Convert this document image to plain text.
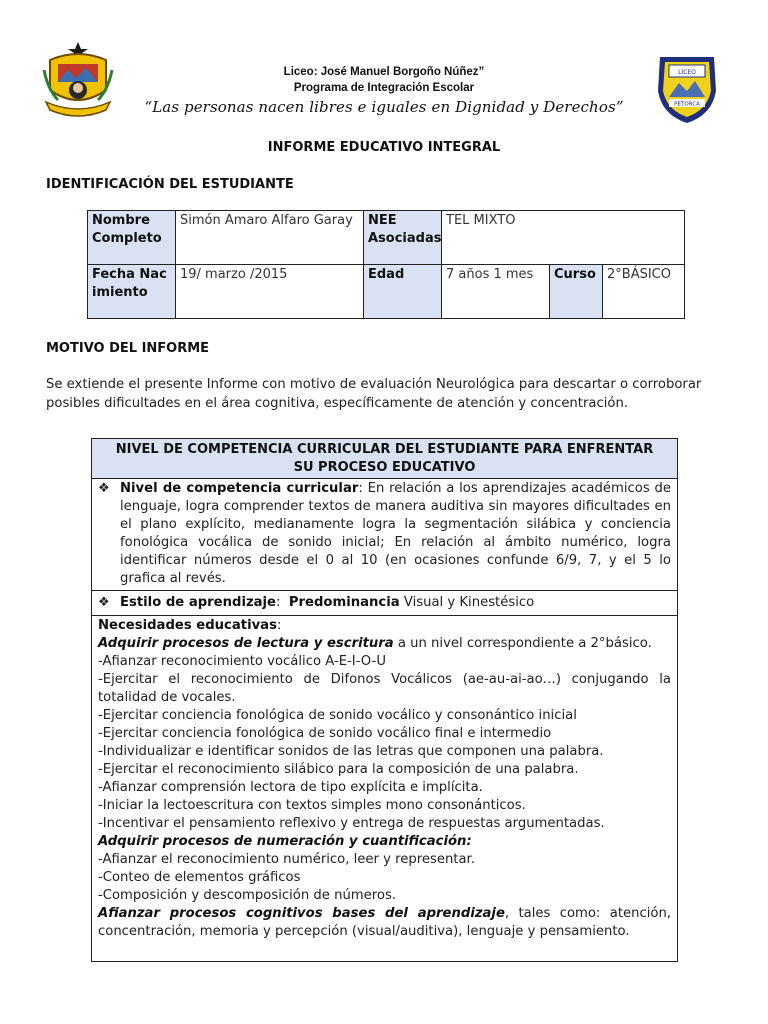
Liceo: José Manuel Borgoño Núñez”
Programa de Integración Escolar
“Las personas nacen libres e iguales en Dignidad y Derechos”
LICEO
PETORCA
INFORME EDUCATIVO INTEGRAL
IDENTIFICACIÓN DEL ESTUDIANTE
Nombre Completo	Simón Amaro Alfaro Garay	NEE Asociadas	TEL MIXTO		
Fecha Nacimiento	19/ marzo /2015	Edad	7 años 1 mes	Curso	2°BÁSICO
MOTIVO DEL INFORME
Se extiende el presente Informe con motivo de evaluación Neurológica para descartar o corroborar posibles dificultades en el área cognitiva, específicamente de atención y concentración.
NIVEL DE COMPETENCIA CURRICULAR DEL ESTUDIANTE PARA ENFRENTAR SU PROCESO EDUCATIVO
❖ Nivel de competencia curricular: En relación a los aprendizajes académicos de lenguaje, logra comprender textos de manera auditiva sin mayores dificultades en el plano explícito, medianamente logra la segmentación silábica y conciencia fonológica vocálica de sonido inicial; En relación al ámbito numérico, logra identificar números desde el 0 al 10 (en ocasiones confunde 6/9, 7, y el 5 lo grafica al revés.
❖ Estilo de aprendizaje: Predominancia Visual y Kinestésico
Necesidades educativas:
Adquirir procesos de lectura y escritura a un nivel correspondiente a 2°básico.
-Afianzar reconocimiento vocálico A-E-I-O-U
-Ejercitar el reconocimiento de Difonos Vocálicos (ae-au-ai-ao…) conjugando la totalidad de vocales.
-Ejercitar conciencia fonológica de sonido vocálico y consonántico inicial
-Ejercitar conciencia fonológica de sonido vocálico final e intermedio
-Individualizar e identificar sonidos de las letras que componen una palabra.
-Ejercitar el reconocimiento silábico para la composición de una palabra.
-Afianzar comprensión lectora de tipo explícita e implícita.
-Iniciar la lectoescritura con textos simples mono consonánticos.
-Incentivar el pensamiento reflexivo y entrega de respuestas argumentadas.
Adquirir procesos de numeración y cuantificación:
-Afianzar el reconocimiento numérico, leer y representar.
-Conteo de elementos gráficos
-Composición y descomposición de números.
Afianzar procesos cognitivos bases del aprendizaje, tales como: atención, concentración, memoria y percepción (visual/auditiva), lenguaje y pensamiento.
